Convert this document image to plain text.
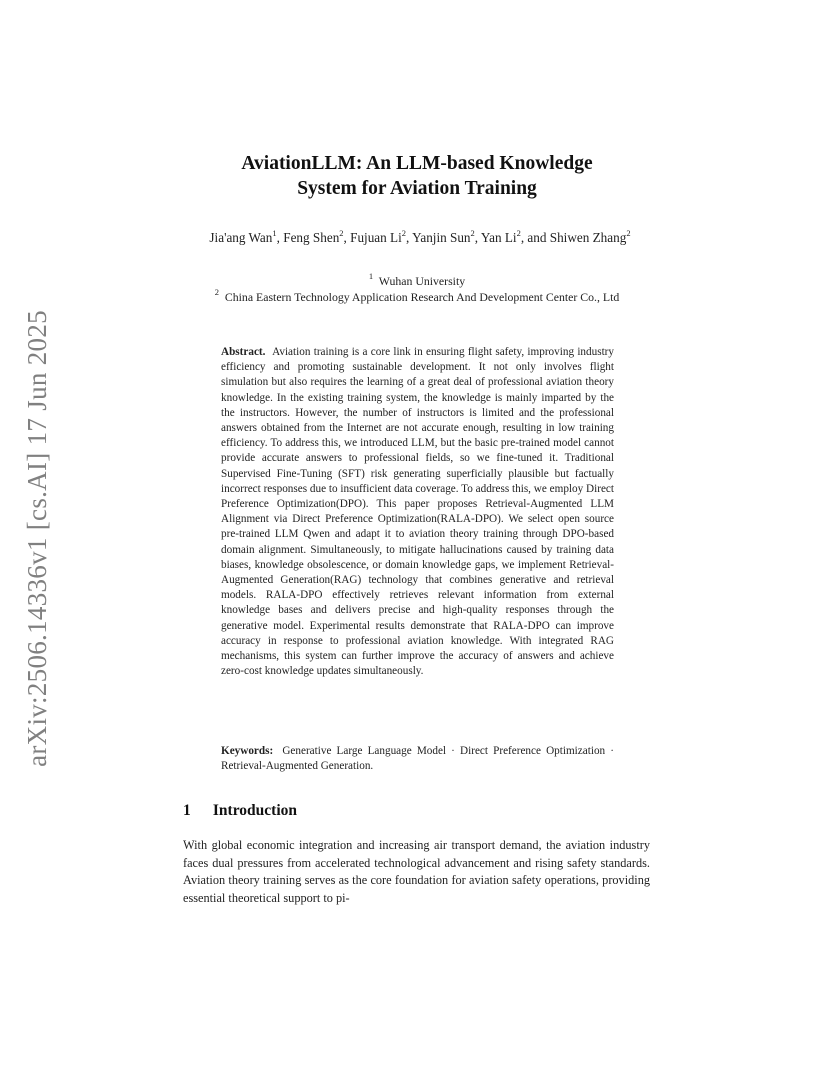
arXiv:2506.14336v1 [cs.AI] 17 Jun 2025
AviationLLM: An LLM-based Knowledge
System for Aviation Training
Jia'ang Wan$^1$, Feng Shen$^2$, Fujuan Li$^2$, Yanjin Sun$^2$, Yan Li$^2$, and Shiwen Zhang$^2$
$^1$ Wuhan University
$^2$ China Eastern Technology Application Research And Development Center Co., Ltd
Abstract. Aviation training is a core link in ensuring flight safety, improving industry efficiency and promoting sustainable development. It not only involves flight simulation but also requires the learning of a great deal of professional aviation theory knowledge. In the existing training system, the knowledge is mainly imparted by the the instructors. However, the number of instructors is limited and the professional answers obtained from the Internet are not accurate enough, resulting in low training efficiency. To address this, we introduced LLM, but the basic pre-trained model cannot provide accurate answers to professional fields, so we fine-tuned it. Traditional Supervised Fine-Tuning (SFT) risk generating superficially plausible but factually incorrect responses due to insufficient data coverage. To address this, we employ Direct Preference Optimization(DPO). This paper proposes Retrieval-Augmented LLM Alignment via Direct Preference Optimization(RALA-DPO). We select open source pre-trained LLM Qwen and adapt it to aviation theory training through DPO-based domain alignment. Simultaneously, to mitigate hallucinations caused by training data biases, knowledge obsolescence, or domain knowledge gaps, we implement Retrieval-Augmented Generation(RAG) technology that combines generative and retrieval models. RALA-DPO effectively retrieves relevant information from external knowledge bases and delivers precise and high-quality responses through the generative model. Experimental results demonstrate that RALA-DPO can improve accuracy in response to professional aviation knowledge. With integrated RAG mechanisms, this system can further improve the accuracy of answers and achieve zero-cost knowledge updates simultaneously.
Keywords: Generative Large Language Model · Direct Preference Optimization · Retrieval-Augmented Generation.
1 Introduction
With global economic integration and increasing air transport demand, the aviation industry faces dual pressures from accelerated technological advancement and rising safety standards. Aviation theory training serves as the core foundation for aviation safety operations, providing essential theoretical support to pi-
